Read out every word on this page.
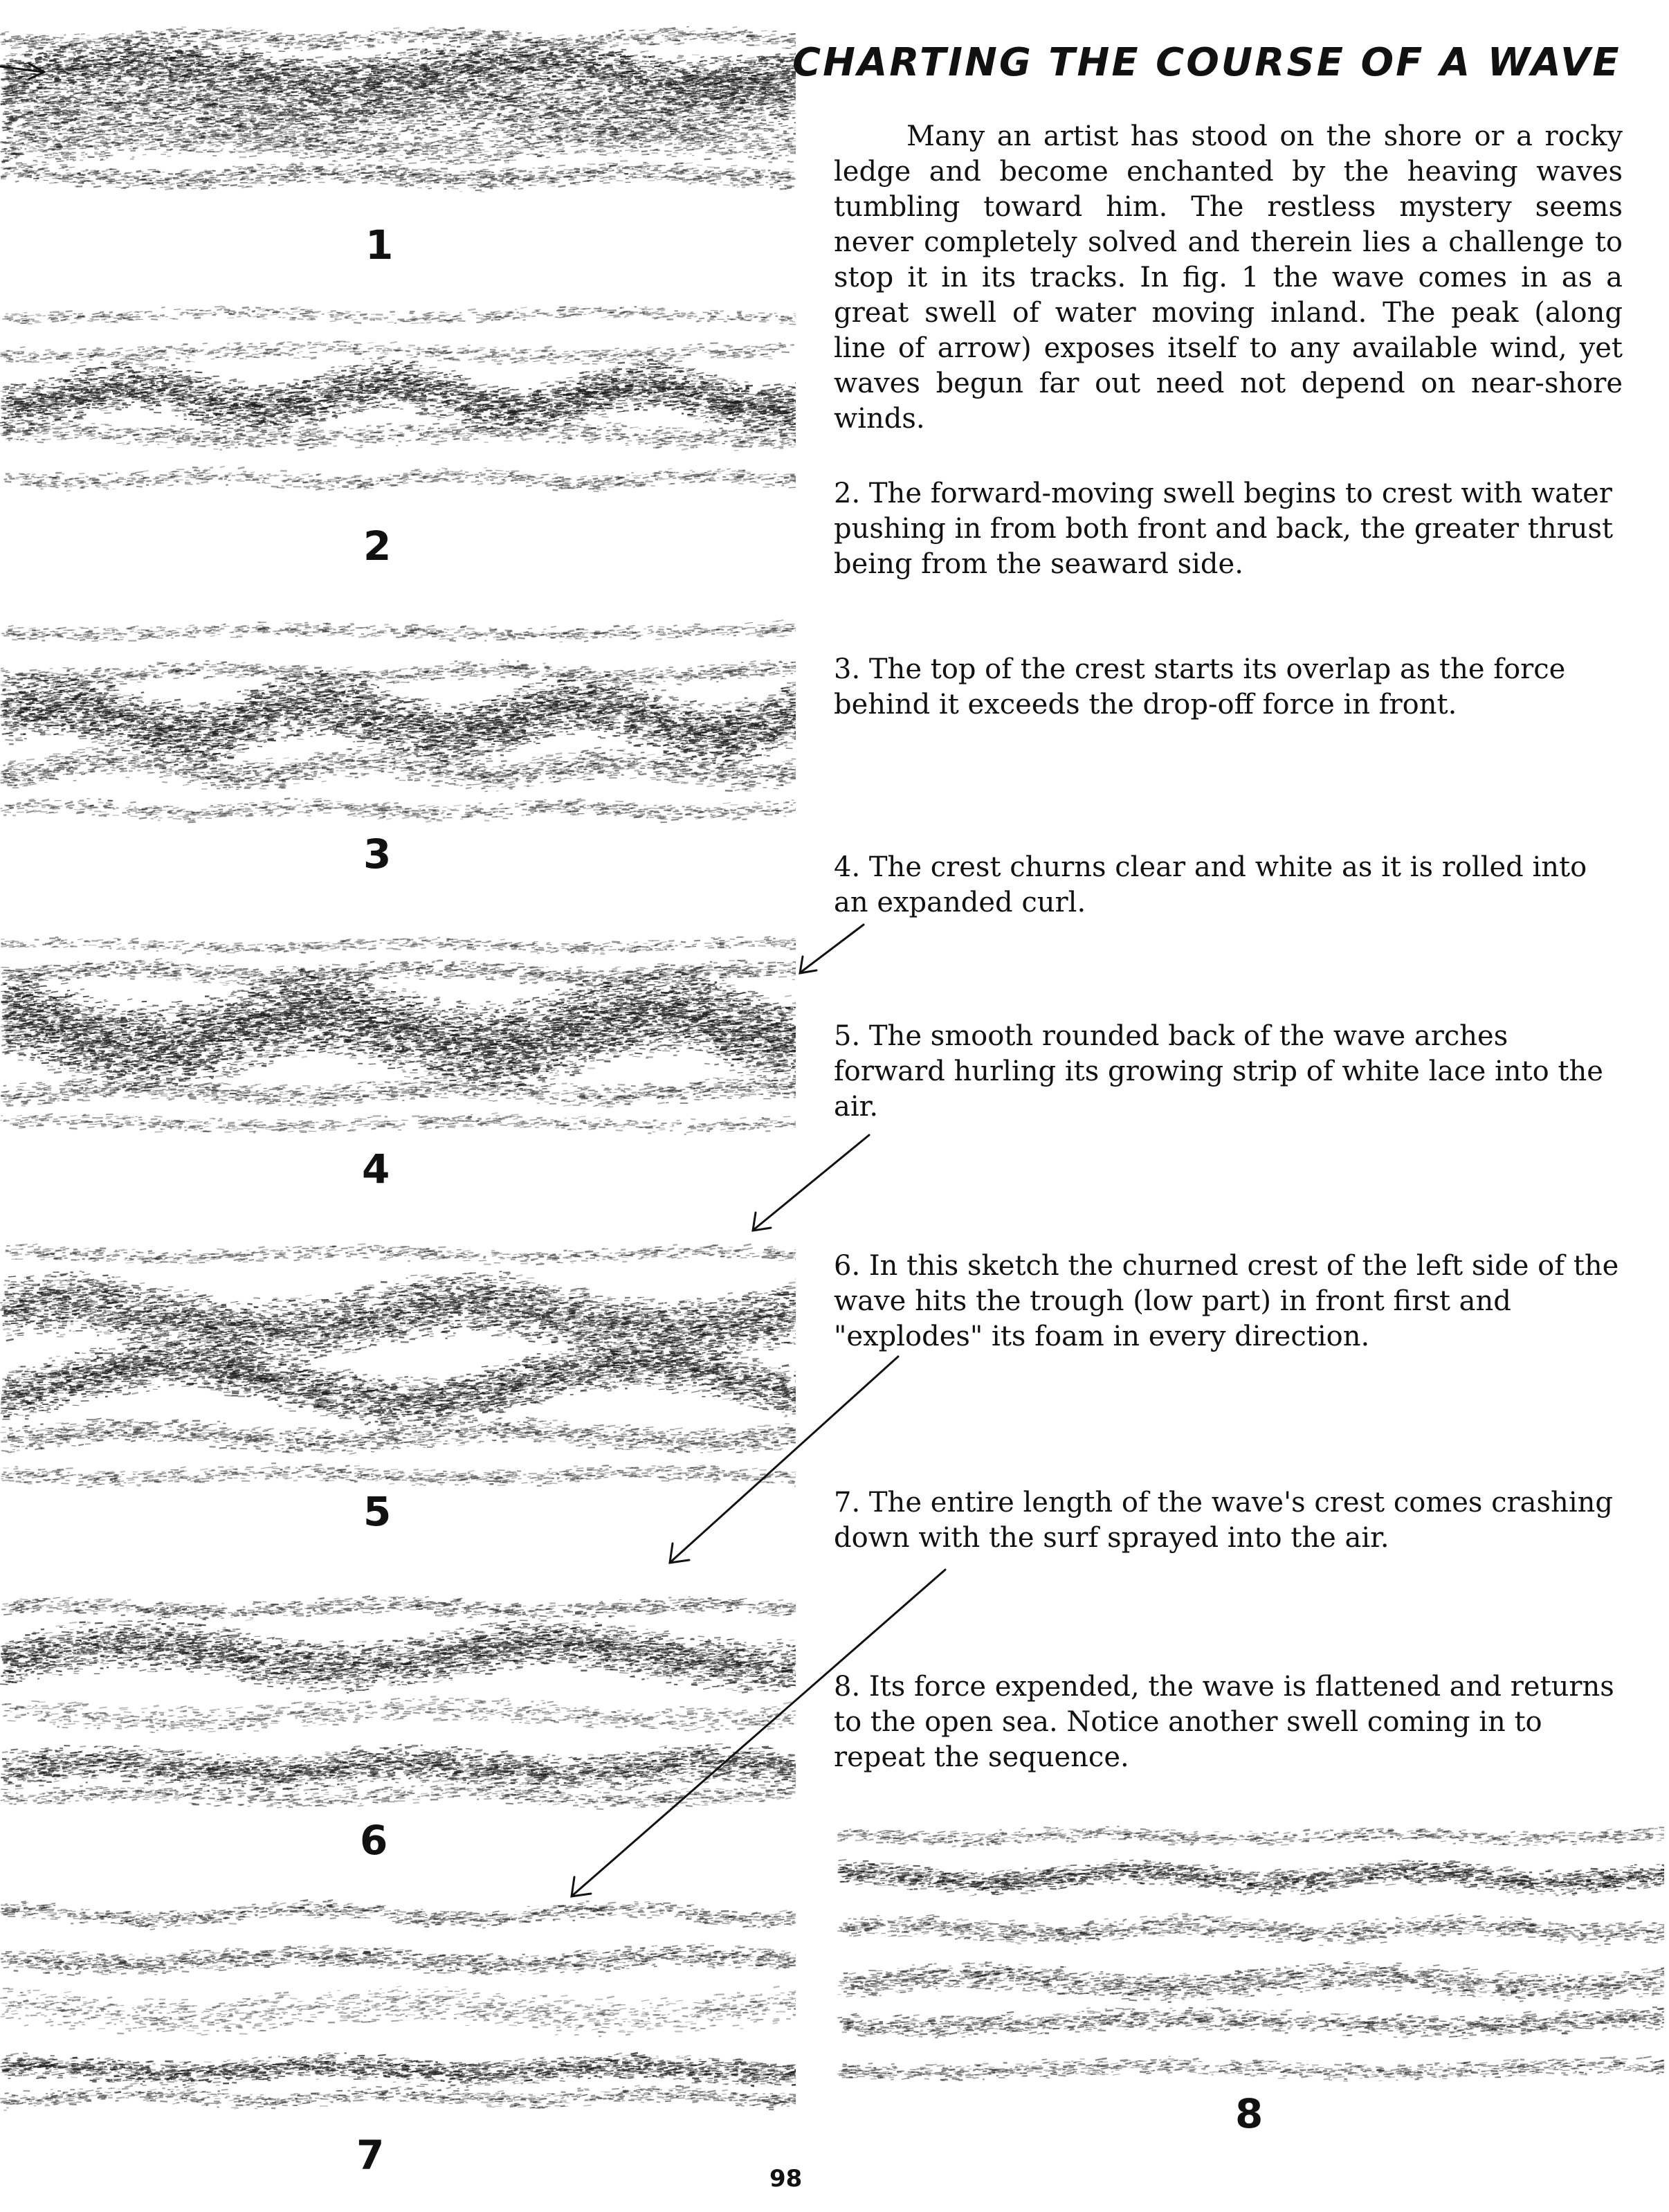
CHARTING THE COURSE OF A WAVE
Many an artist has stood on the shore or a rocky ledge and become enchanted by the heaving waves tumbling toward him. The restless mystery seems never completely solved and therein lies a challenge to stop it in its tracks. In fig. 1 the wave comes in as a great swell of water moving inland. The peak (along line of arrow) exposes itself to any available wind, yet waves begun far out need not depend on near-shore winds.
2. The forward-moving swell begins to crest with water pushing in from both front and back, the greater thrust being from the seaward side.
3. The top of the crest starts its overlap as the force behind it exceeds the drop-off force in front.
4. The crest churns clear and white as it is rolled into an expanded curl.
5. The smooth rounded back of the wave arches forward hurling its growing strip of white lace into the air.
6. In this sketch the churned crest of the left side of the wave hits the trough (low part) in front first and "explodes" its foam in every direction.
7. The entire length of the wave's crest comes crashing down with the surf sprayed into the air.
8. Its force expended, the wave is flattened and returns to the open sea. Notice another swell coming in to repeat the sequence.
1
2
3
4
5
6
7
8
98
